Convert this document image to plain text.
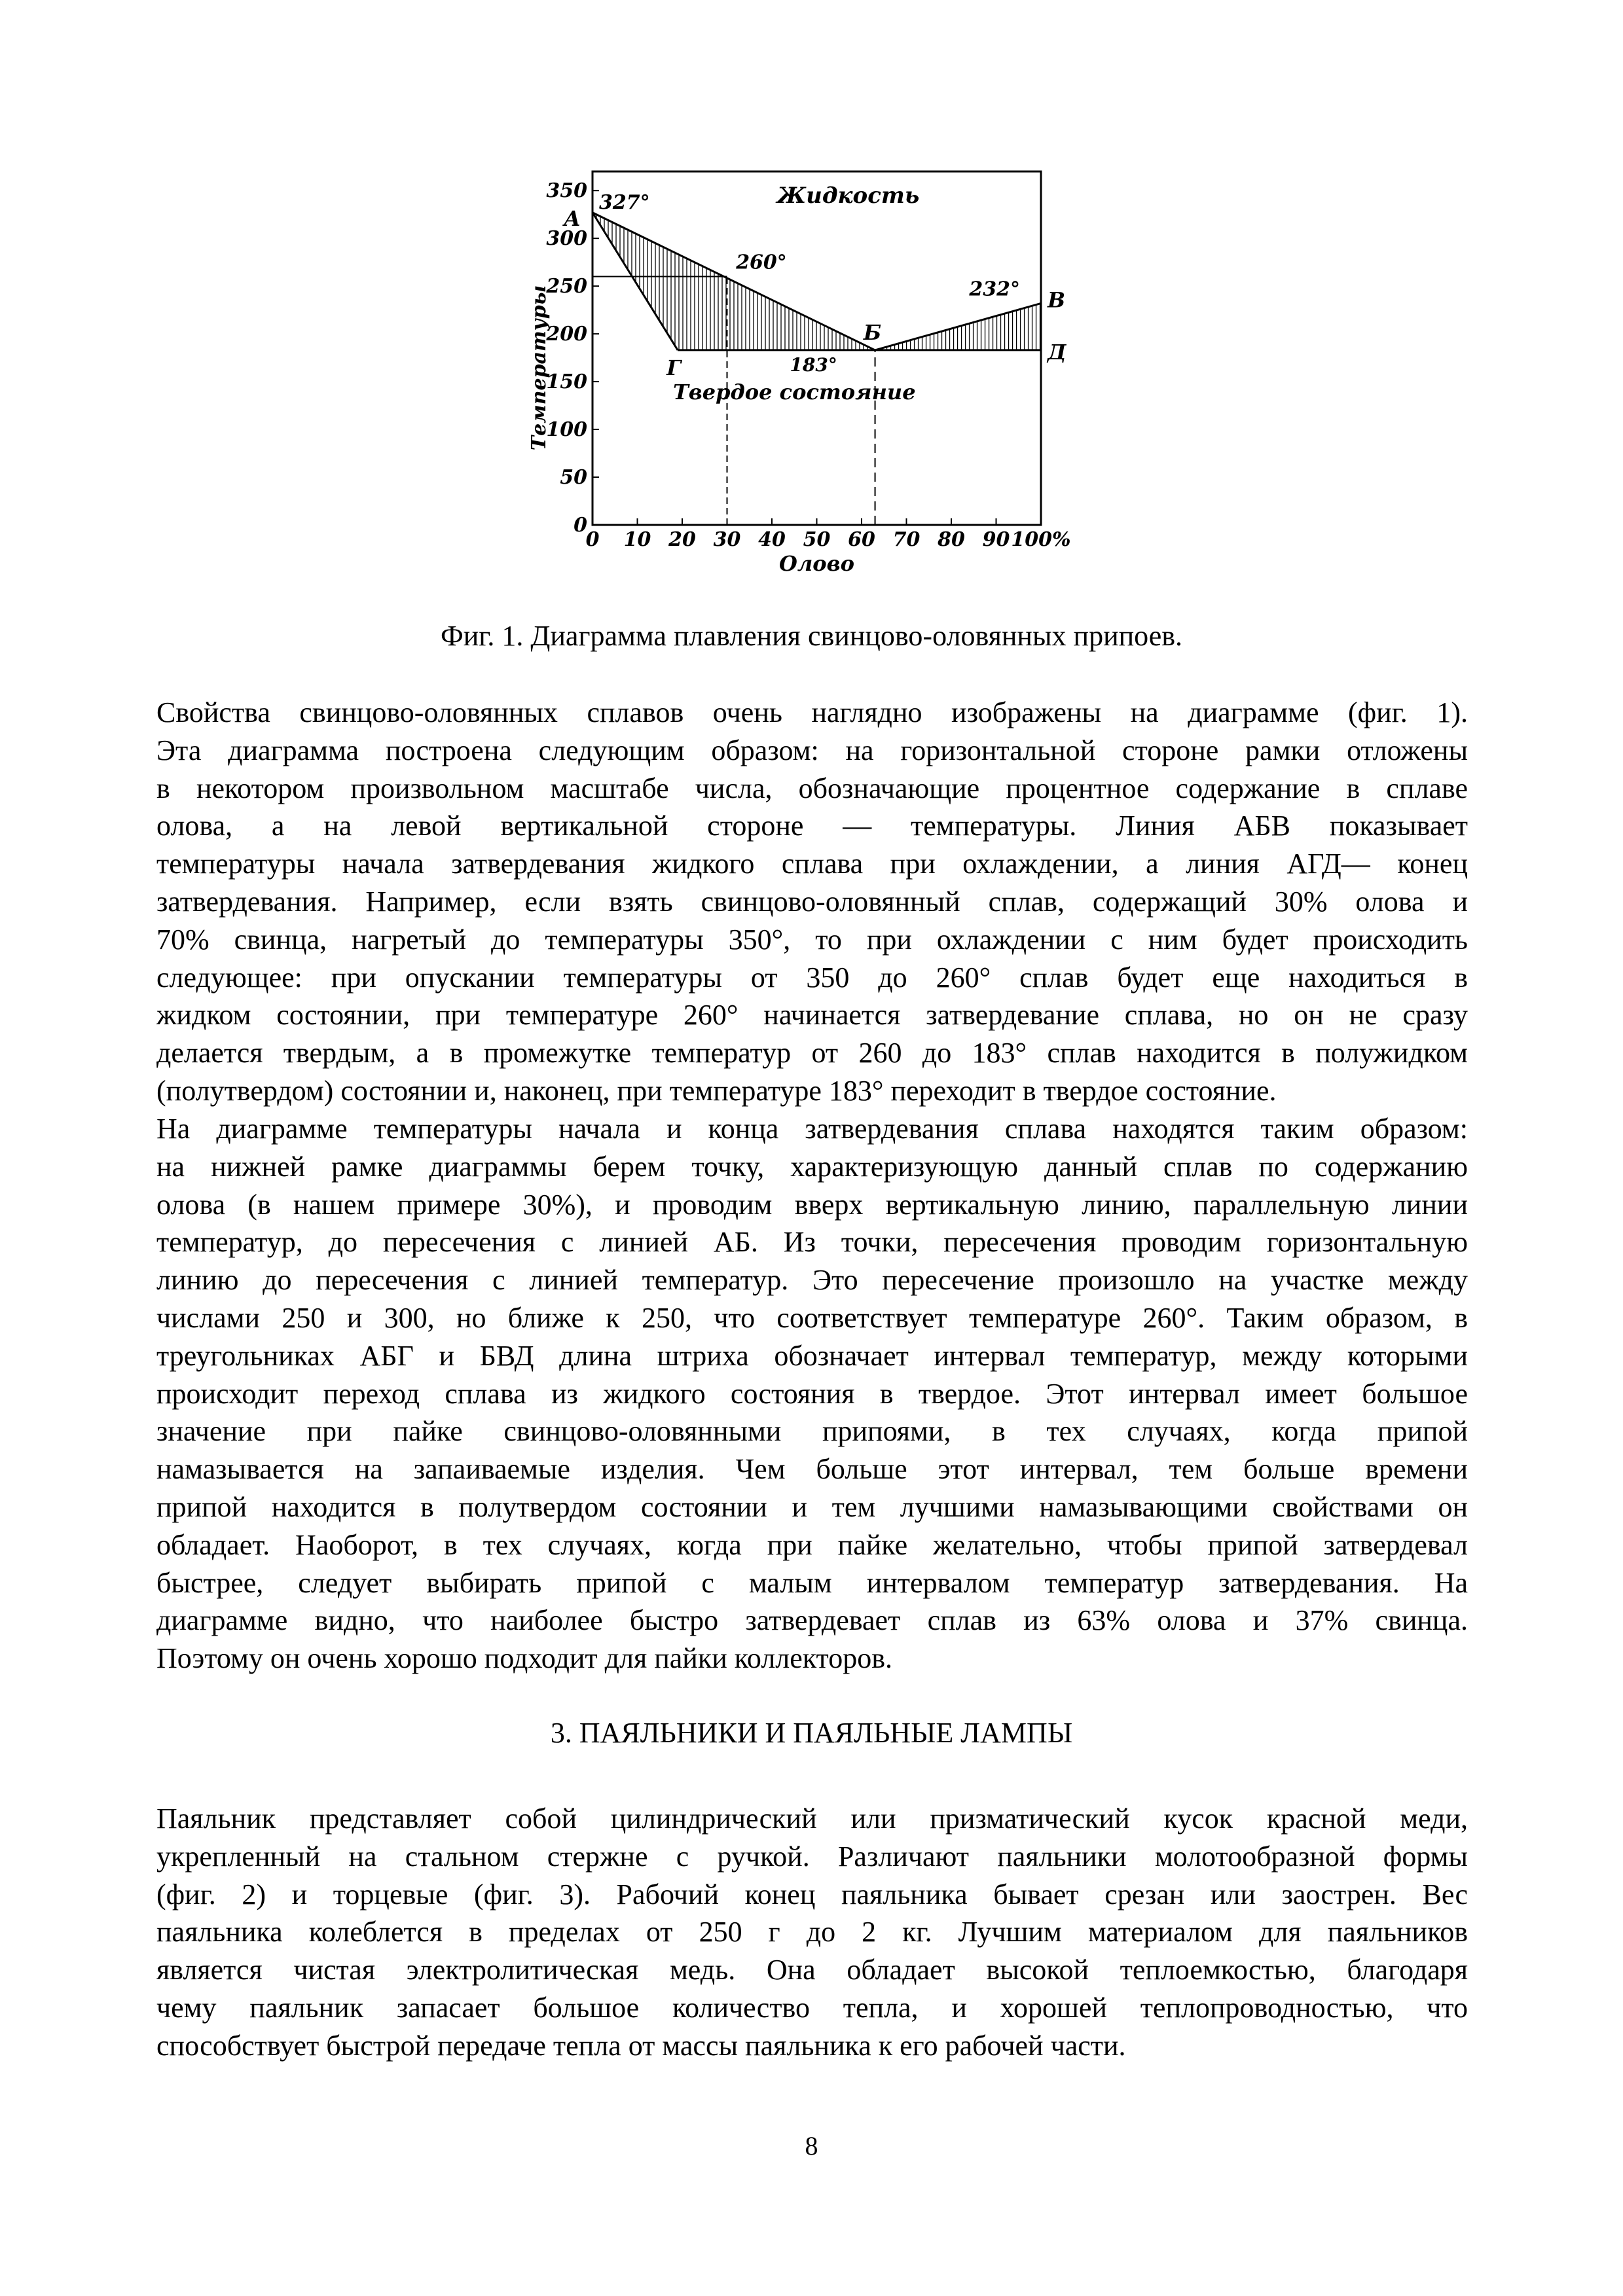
0
50
100
150
200
250
300
350
0 10 20 30 40 50 60 70 80 90 100%
Температуры
Олово
Жидкость
Твердое состояние
327°
260°
183°
232°
А
Б
В
Г
Д
Фиг. 1. Диаграмма плавления свинцово-оловянных припоев.
Свойства свинцово-оловянных сплавов очень наглядно изображены на диаграмме (фиг. 1).
Эта диаграмма построена следующим образом: на горизонтальной стороне рамки отложены
в некотором произвольном масштабе числа, обозначающие процентное содержание в сплаве
олова, а на левой вертикальной стороне — температуры. Линия АБВ показывает
температуры начала затвердевания жидкого сплава при охлаждении, а линия АГД— конец
затвердевания. Например, если взять свинцово-оловянный сплав, содержащий 30% олова и
70% свинца, нагретый до температуры 350°, то при охлаждении с ним будет происходить
следующее: при опускании температуры от 350 до 260° сплав будет еще находиться в
жидком состоянии, при температуре 260° начинается затвердевание сплава, но он не сразу
делается твердым, а в промежутке температур от 260 до 183° сплав находится в полужидком
(полутвердом) состоянии и, наконец, при температуре 183° переходит в твердое состояние.
На диаграмме температуры начала и конца затвердевания сплава находятся таким образом:
на нижней рамке диаграммы берем точку, характеризующую данный сплав по содержанию
олова (в нашем примере 30%), и проводим вверх вертикальную линию, параллельную линии
температур, до пересечения с линией АБ. Из точки, пересечения проводим горизонтальную
линию до пересечения с линией температур. Это пересечение произошло на участке между
числами 250 и 300, но ближе к 250, что соответствует температуре 260°. Таким образом, в
треугольниках АБГ и БВД длина штриха обозначает интервал температур, между которыми
происходит переход сплава из жидкого состояния в твердое. Этот интервал имеет большое
значение при пайке свинцово-оловянными припоями, в тех случаях, когда припой
намазывается на запаиваемые изделия. Чем больше этот интервал, тем больше времени
припой находится в полутвердом состоянии и тем лучшими намазывающими свойствами он
обладает. Наоборот, в тех случаях, когда при пайке желательно, чтобы припой затвердевал
быстрее, следует выбирать припой с малым интервалом температур затвердевания. На
диаграмме видно, что наиболее быстро затвердевает сплав из 63% олова и 37% свинца.
Поэтому он очень хорошо подходит для пайки коллекторов.
3. ПАЯЛЬНИКИ И ПАЯЛЬНЫЕ ЛАМПЫ
Паяльник представляет собой цилиндрический или призматический кусок красной меди,
укрепленный на стальном стержне с ручкой. Различают паяльники молотообразной формы
(фиг. 2) и торцевые (фиг. 3). Рабочий конец паяльника бывает срезан или заострен. Вес
паяльника колеблется в пределах от 250 г до 2 кг. Лучшим материалом для паяльников
является чистая электролитическая медь. Она обладает высокой теплоемкостью, благодаря
чему паяльник запасает большое количество тепла, и хорошей теплопроводностью, что
способствует быстрой передаче тепла от массы паяльника к его рабочей части.
8
